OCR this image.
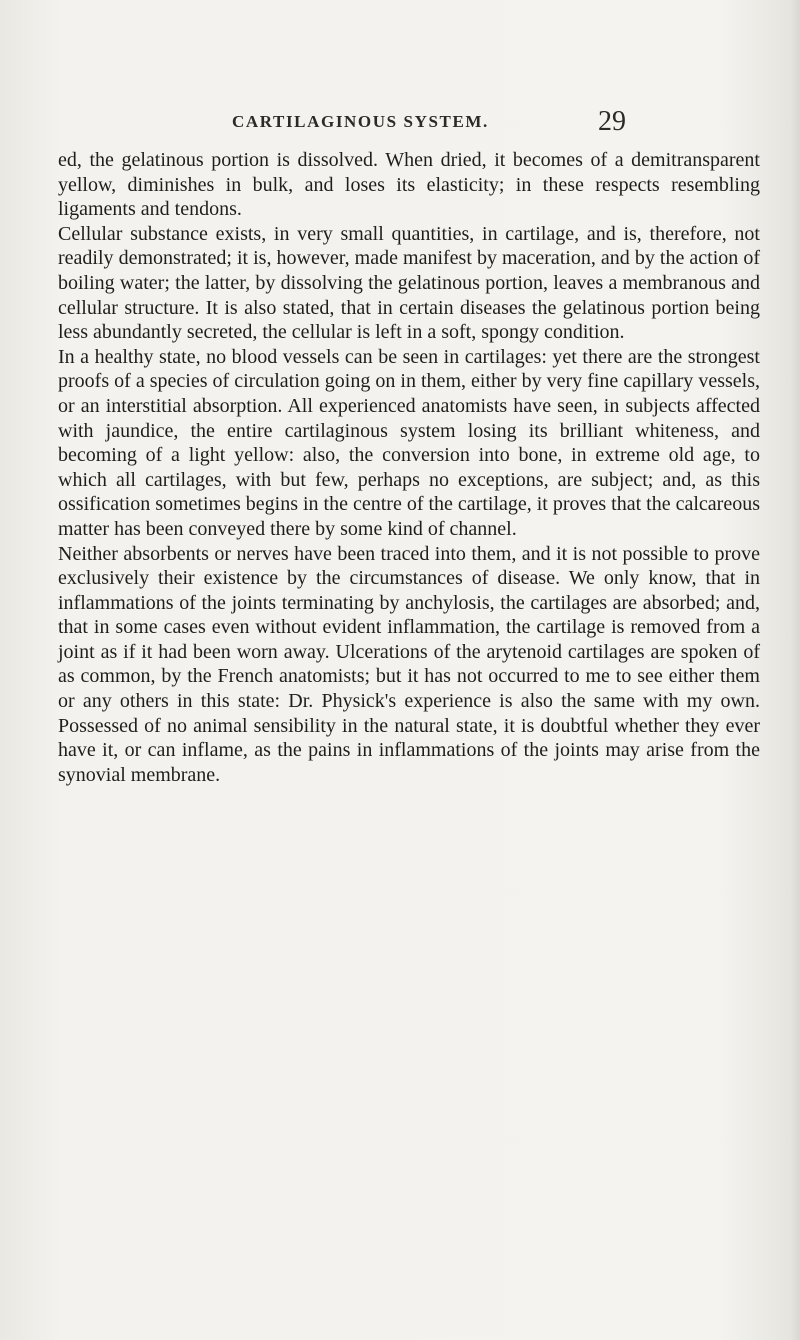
CARTILAGINOUS SYSTEM.	29

ed, the gelatinous portion is dissolved. When dried, it becomes of a demitransparent yellow, diminishes in bulk, and loses its elasticity; in these respects resembling ligaments and tendons.

Cellular substance exists, in very small quantities, in cartilage, and is, therefore, not readily demonstrated; it is, however, made manifest by maceration, and by the action of boiling water; the latter, by dissolving the gelatinous portion, leaves a membranous and cellular structure. It is also stated, that in certain diseases the gelatinous portion being less abundantly secreted, the cellular is left in a soft, spongy condition.

In a healthy state, no blood vessels can be seen in cartilages: yet there are the strongest proofs of a species of circulation going on in them, either by very fine capillary vessels, or an interstitial absorption. All experienced anatomists have seen, in subjects affected with jaundice, the entire cartilaginous system losing its brilliant whiteness, and becoming of a light yellow: also, the conversion into bone, in extreme old age, to which all cartilages, with but few, perhaps no exceptions, are subject; and, as this ossification sometimes begins in the centre of the cartilage, it proves that the calcareous matter has been conveyed there by some kind of channel.

Neither absorbents or nerves have been traced into them, and it is not possible to prove exclusively their existence by the circumstances of disease. We only know, that in inflammations of the joints terminating by anchylosis, the cartilages are absorbed; and, that in some cases even without evident inflammation, the cartilage is removed from a joint as if it had been worn away. Ulcerations of the arytenoid cartilages are spoken of as common, by the French anatomists; but it has not occurred to me to see either them or any others in this state: Dr. Physick's experience is also the same with my own. Possessed of no animal sensibility in the natural state, it is doubtful whether they ever have it, or can inflame, as the pains in inflammations of the joints may arise from the synovial membrane.
